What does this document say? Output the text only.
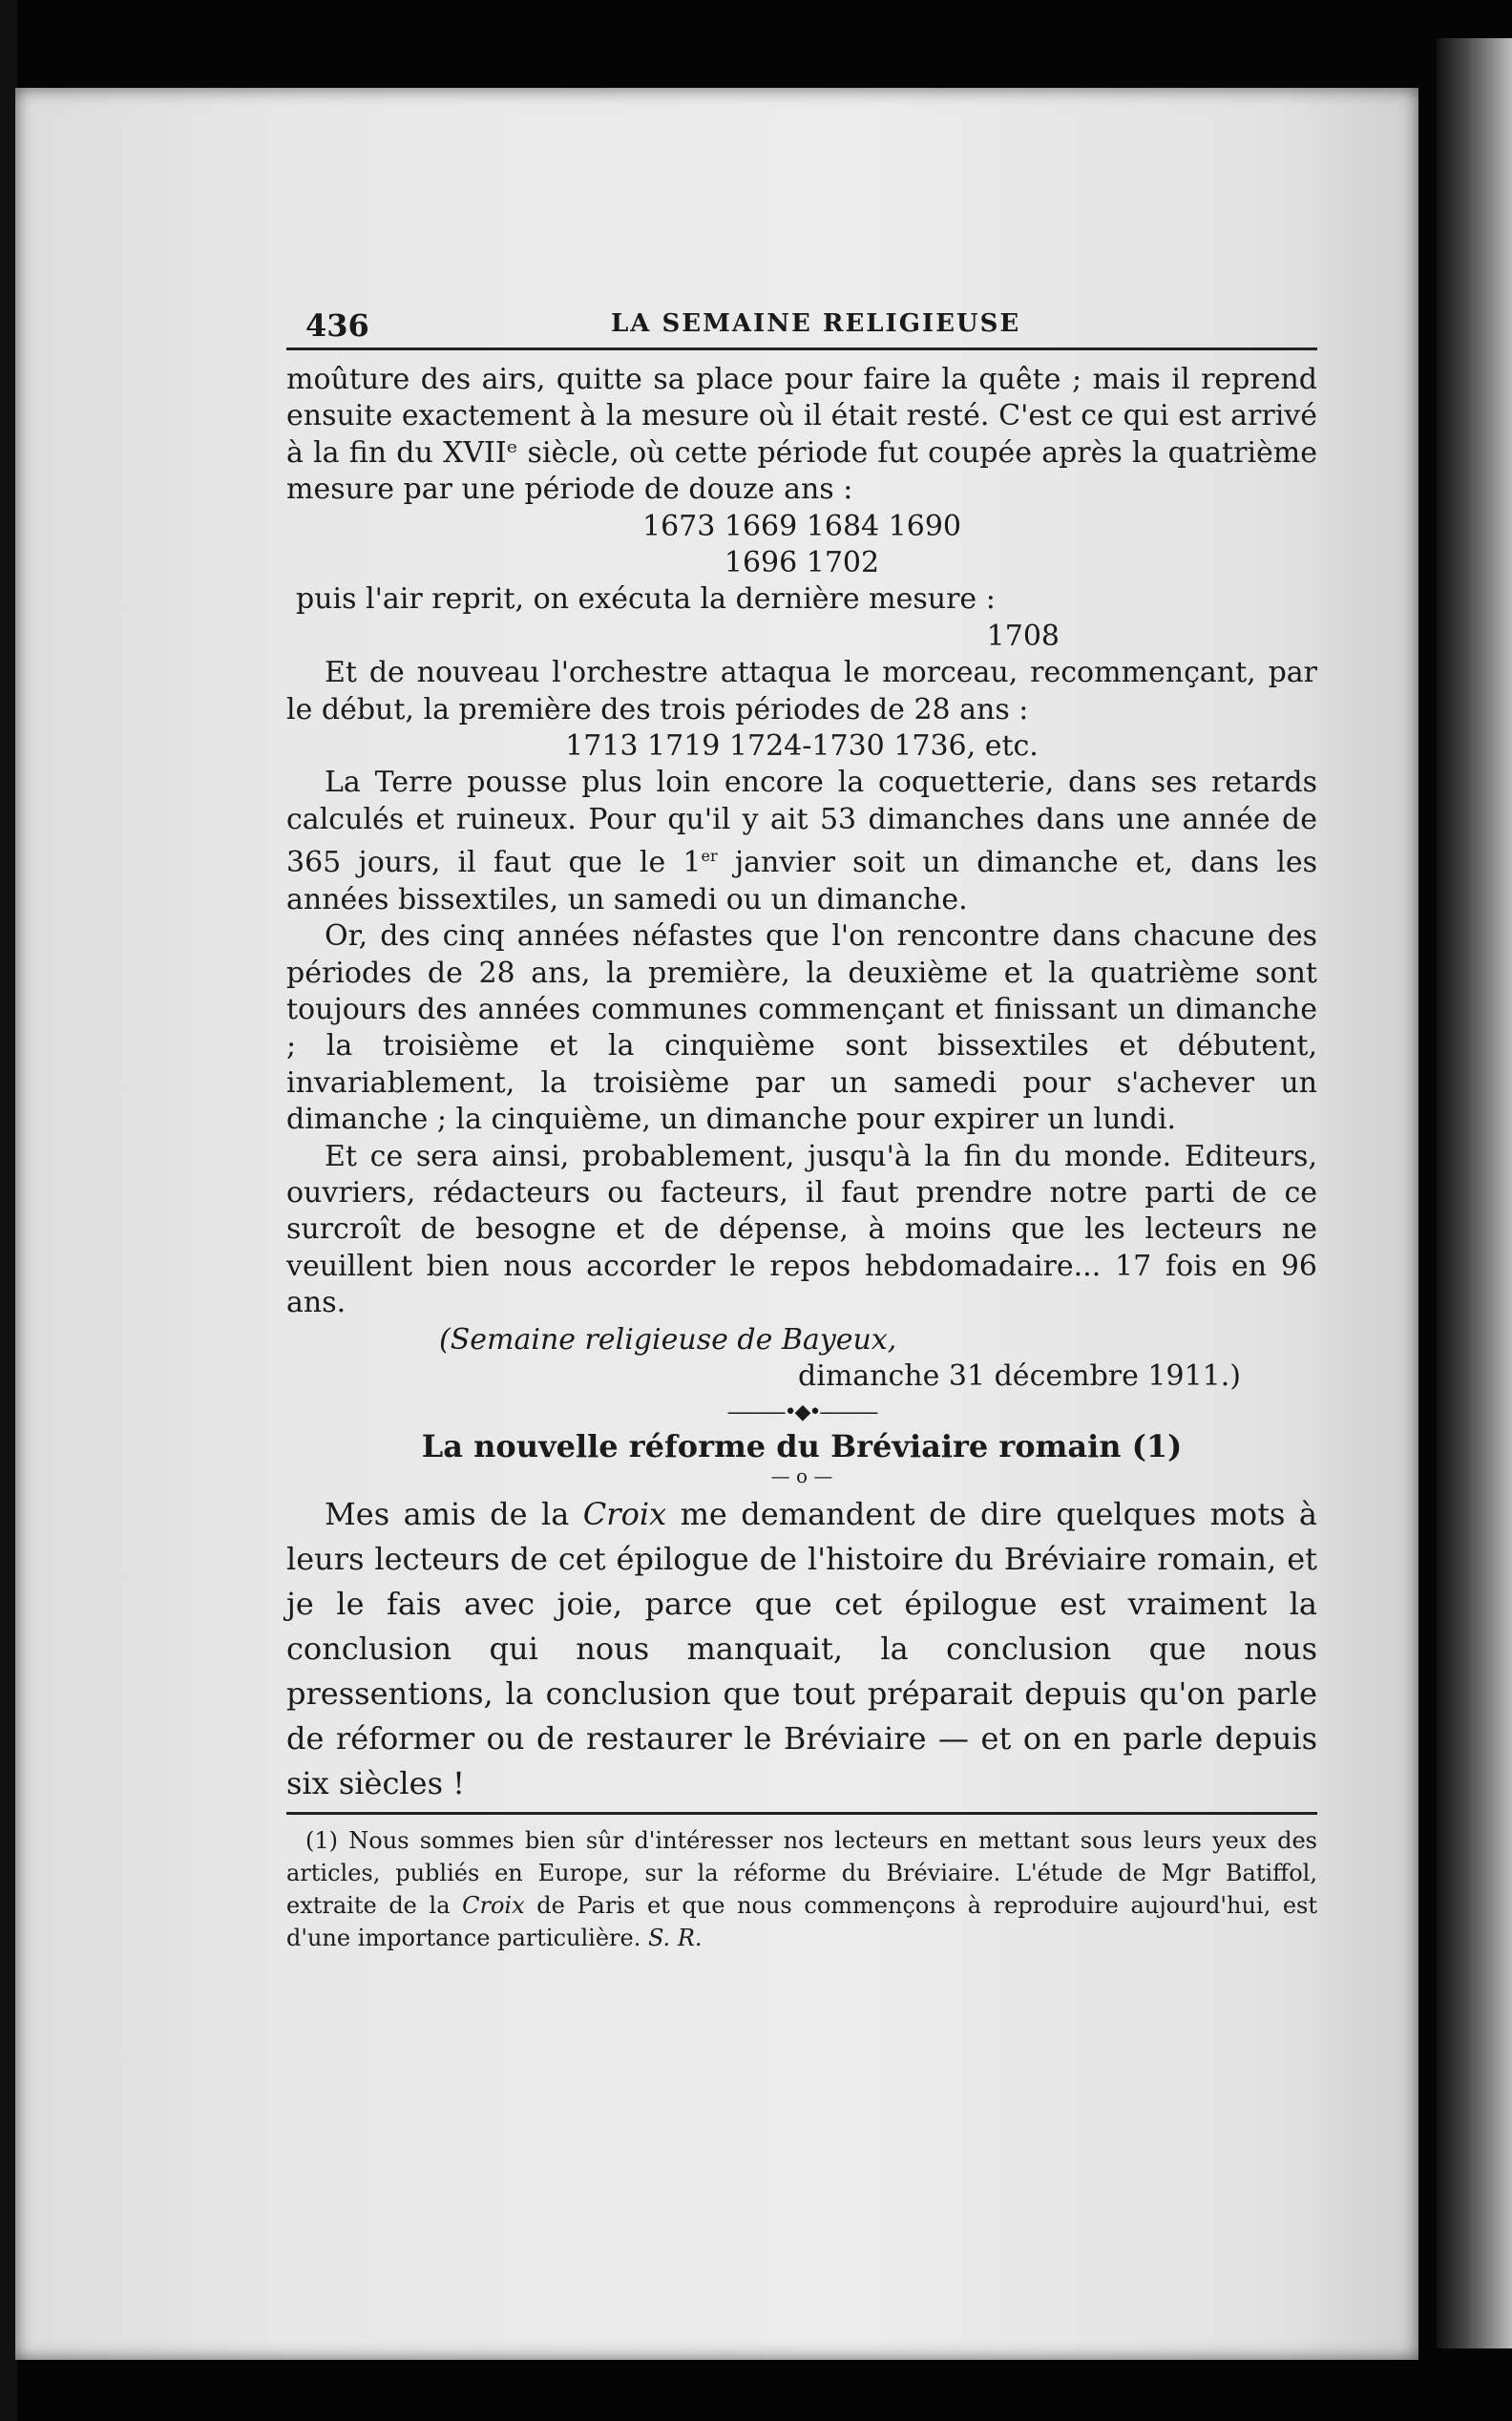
436	LA SEMAINE RELIGIEUSE

moûture des airs, quitte sa place pour faire la quête ; mais il reprend ensuite exactement à la mesure où il était resté. C'est ce qui est arrivé à la fin du XVIIᵉ siècle, où cette période fut coupée après la quatrième mesure par une période de douze ans :

1673 1669 1684 1690

1696 1702

puis l'air reprit, on exécuta la dernière mesure :

1708

Et de nouveau l'orchestre attaqua le morceau, recommençant, par le début, la première des trois périodes de 28 ans :

1713 1719 1724-1730 1736, etc.

La Terre pousse plus loin encore la coquetterie, dans ses retards calculés et ruineux. Pour qu'il y ait 53 dimanches dans une année de 365 jours, il faut que le 1er janvier soit un dimanche et, dans les années bissextiles, un samedi ou un dimanche.

Or, des cinq années néfastes que l'on rencontre dans chacune des périodes de 28 ans, la première, la deuxième et la quatrième sont toujours des années communes commençant et finissant un dimanche ; la troisième et la cinquième sont bissextiles et débutent, invariablement, la troisième par un samedi pour s'achever un dimanche ; la cinquième, un dimanche pour expirer un lundi.

Et ce sera ainsi, probablement, jusqu'à la fin du monde. Editeurs, ouvriers, rédacteurs ou facteurs, il faut prendre notre parti de ce surcroît de besogne et de dépense, à moins que les lecteurs ne veuillent bien nous accorder le repos hebdomadaire... 17 fois en 96 ans.

(Semaine religieuse de Bayeux,

dimanche 31 décembre 1911.)

———•◆•———

La nouvelle réforme du Bréviaire romain (1)

— o —

Mes amis de la Croix me demandent de dire quelques mots à leurs lecteurs de cet épilogue de l'histoire du Bréviaire romain, et je le fais avec joie, parce que cet épilogue est vraiment la conclusion qui nous manquait, la conclusion que nous pressentions, la conclusion que tout préparait depuis qu'on parle de réformer ou de restaurer le Bréviaire — et on en parle depuis six siècles !

(1) Nous sommes bien sûr d'intéresser nos lecteurs en mettant sous leurs yeux des articles, publiés en Europe, sur la réforme du Bréviaire. L'étude de Mgr Batiffol, extraite de la Croix de Paris et que nous commençons à reproduire aujourd'hui, est d'une importance particulière. S. R.
